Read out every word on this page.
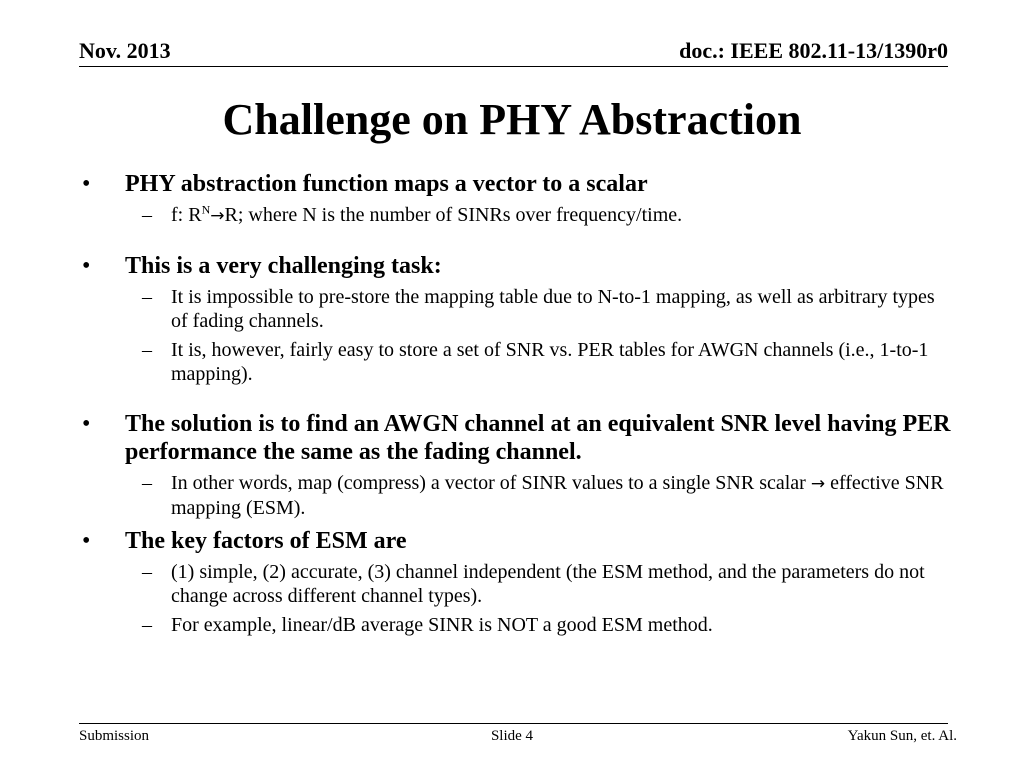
Nov. 2013	doc.: IEEE 802.11-13/1390r0
Challenge on PHY Abstraction
• PHY abstraction function maps a vector to a scalar
– f: $R^N\to R$; where N is the number of SINRs over frequency/time.
• This is a very challenging task:
– It is impossible to pre-store the mapping table due to N-to-1 mapping, as well as arbitrary types of fading channels.
– It is, however, fairly easy to store a set of SNR vs. PER tables for AWGN channels (i.e., 1-to-1 mapping).
• The solution is to find an AWGN channel at an equivalent SNR level having PER performance the same as the fading channel.
– In other words, map (compress) a vector of SINR values to a single SNR scalar → effective SNR mapping (ESM).
• The key factors of ESM are
– (1) simple, (2) accurate, (3) channel independent (the ESM method, and the parameters do not change across different channel types).
– For example, linear/dB average SINR is NOT a good ESM method.
Submission	Slide 4	Yakun Sun, et. Al.
